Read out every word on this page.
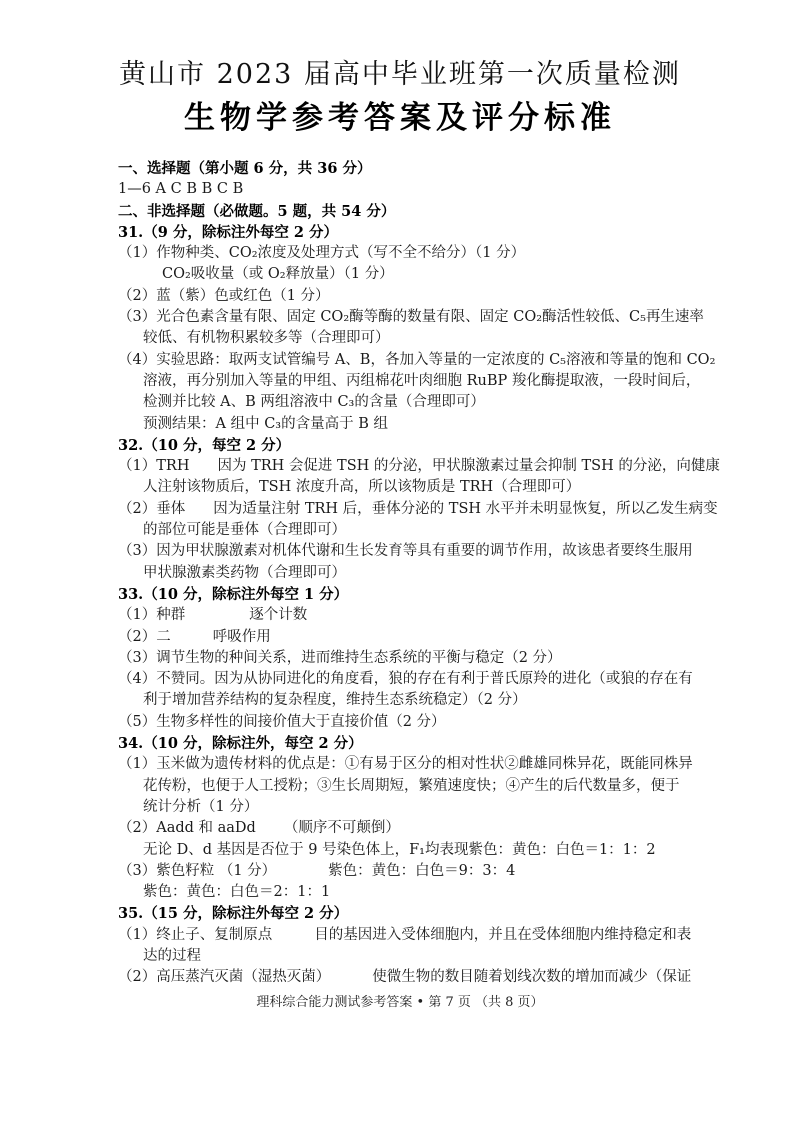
黄山市 2023 届高中毕业班第一次质量检测
生物学参考答案及评分标准
一、选择题（第小题 6 分，共 36 分）
1—6 A C B B C B
二、非选择题（必做题。5 题，共 54 分）
31.（9 分，除标注外每空 2 分）
（1）作物种类、CO₂浓度及处理方式（写不全不给分）（1 分）
CO₂吸收量（或 O₂释放量）（1 分）
（2）蓝（紫）色或红色（1 分）
（3）光合色素含量有限、固定 CO₂酶等酶的数量有限、固定 CO₂酶活性较低、C₅再生速率
较低、有机物积累较多等（合理即可）
（4）实验思路：取两支试管编号 A、B，各加入等量的一定浓度的 C₅溶液和等量的饱和 CO₂
溶液，再分别加入等量的甲组、丙组棉花叶肉细胞 RuBP 羧化酶提取液，一段时间后，
检测并比较 A、B 两组溶液中 C₃的含量（合理即可）
预测结果：A 组中 C₃的含量高于 B 组
32.（10 分，每空 2 分）
（1）TRH 因为 TRH 会促进 TSH 的分泌，甲状腺激素过量会抑制 TSH 的分泌，向健康
人注射该物质后，TSH 浓度升高，所以该物质是 TRH（合理即可）
（2）垂体 因为适量注射 TRH 后，垂体分泌的 TSH 水平并未明显恢复，所以乙发生病变
的部位可能是垂体（合理即可）
（3）因为甲状腺激素对机体代谢和生长发育等具有重要的调节作用，故该患者要终生服用
甲状腺激素类药物（合理即可）
33.（10 分，除标注外每空 1 分）
（1）种群	逐个计数
（2）二	呼吸作用
（3）调节生物的种间关系，进而维持生态系统的平衡与稳定（2 分）
（4）不赞同。因为从协同进化的角度看，狼的存在有利于普氏原羚的进化（或狼的存在有
利于增加营养结构的复杂程度，维持生态系统稳定）（2 分）
（5）生物多样性的间接价值大于直接价值（2 分）
34.（10 分，除标注外，每空 2 分）
（1）玉米做为遗传材料的优点是：①有易于区分的相对性状②雌雄同株异花，既能同株异
花传粉，也便于人工授粉；③生长周期短，繁殖速度快；④产生的后代数量多，便于
统计分析（1 分）
（2）Aadd 和 aaDd （顺序不可颠倒）
无论 D、d 基因是否位于 9 号染色体上，F₁均表现紫色：黄色：白色＝1：1：2
（3）紫色籽粒 （1 分）	紫色：黄色：白色＝9：3：4
紫色：黄色：白色＝2：1：1
35.（15 分，除标注外每空 2 分）
（1）终止子、复制原点	目的基因进入受体细胞内，并且在受体细胞内维持稳定和表
达的过程
（2）高压蒸汽灭菌（湿热灭菌）	使微生物的数目随着划线次数的增加而减少（保证
理科综合能力测试参考答案 • 第 7 页 （共 8 页）
